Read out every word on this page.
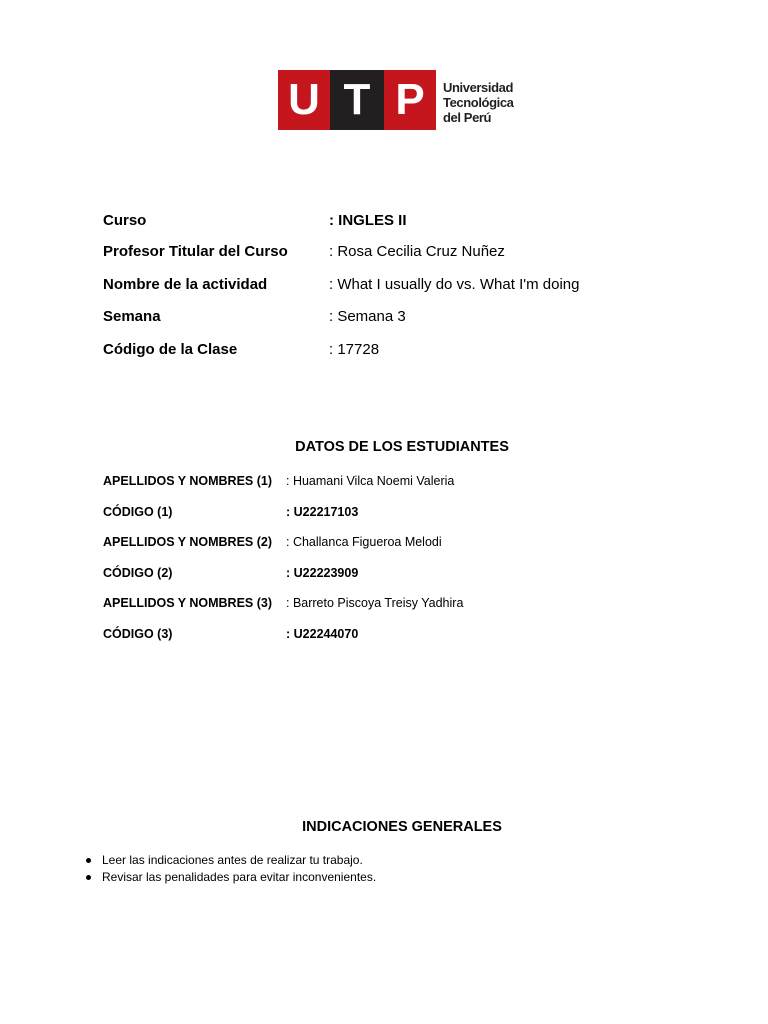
U T P	Universidad
Tecnológica
del Perú
Curso	: INGLES II
Profesor Titular del Curso	: Rosa Cecilia Cruz Nuñez
Nombre de la actividad	: What I usually do vs. What I'm doing
Semana	: Semana 3
Código de la Clase	: 17728
DATOS DE LOS ESTUDIANTES
APELLIDOS Y NOMBRES (1) : Huamani Vilca Noemi Valeria
CÓDIGO (1)	: U22217103
APELLIDOS Y NOMBRES (2) : Challanca Figueroa Melodi
CÓDIGO (2)	: U22223909
APELLIDOS Y NOMBRES (3) : Barreto Piscoya Treisy Yadhira
CÓDIGO (3)	: U22244070
INDICACIONES GENERALES
Leer las indicaciones antes de realizar tu trabajo.
Revisar las penalidades para evitar inconvenientes.
